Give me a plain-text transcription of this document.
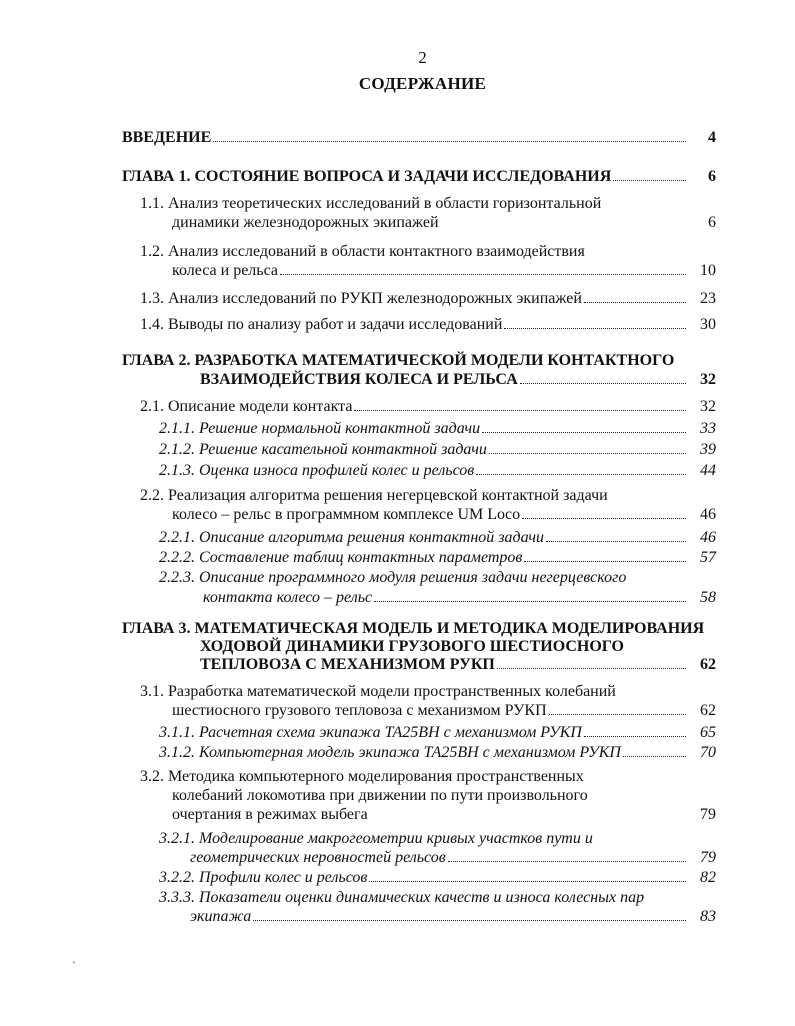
2
СОДЕРЖАНИЕ
ВВЕДЕНИЕ	4
ГЛАВА 1. СОСТОЯНИЕ ВОПРОСА И ЗАДАЧИ ИССЛЕДОВАНИЯ	6
1.1. Анализ теоретических исследований в области горизонтальной
динамики железнодорожных экипажей	6
1.2. Анализ исследований в области контактного взаимодействия
колеса и рельса	10
1.3. Анализ исследований по РУКП железнодорожных экипажей	23
1.4. Выводы по анализу работ и задачи исследований	30
ГЛАВА 2. РАЗРАБОТКА МАТЕМАТИЧЕСКОЙ МОДЕЛИ КОНТАКТНОГО
ВЗАИМОДЕЙСТВИЯ КОЛЕСА И РЕЛЬСА	32
2.1. Описание модели контакта	32
2.1.1. Решение нормальной контактной задачи	33
2.1.2. Решение касательной контактной задачи	39
2.1.3. Оценка износа профилей колес и рельсов	44
2.2. Реализация алгоритма решения негерцевской контактной задачи
колесо – рельс в программном комплексе UM Loco	46
2.2.1. Описание алгоритма решения контактной задачи	46
2.2.2. Составление таблиц контактных параметров	57
2.2.3. Описание программного модуля решения задачи негерцевского
контакта колесо – рельс	58
ГЛАВА 3. МАТЕМАТИЧЕСКАЯ МОДЕЛЬ И МЕТОДИКА МОДЕЛИРОВАНИЯ
ХОДОВОЙ ДИНАМИКИ ГРУЗОВОГО ШЕСТИОСНОГО
ТЕПЛОВОЗА С МЕХАНИЗМОМ РУКП	62
3.1. Разработка математической модели пространственных колебаний
шестиосного грузового тепловоза с механизмом РУКП	62
3.1.1. Расчетная схема экипажа ТА25ВН с механизмом РУКП	65
3.1.2. Компьютерная модель экипажа ТА25ВН с механизмом РУКП	70
3.2. Методика компьютерного моделирования пространственных
колебаний локомотива при движении по пути произвольного
очертания в режимах выбега	79
3.2.1. Моделирование макрогеометрии кривых участков пути и
геометрических неровностей рельсов	79
3.2.2. Профили колес и рельсов	82
3.3.3. Показатели оценки динамических качеств и износа колесных пар
экипажа	83
ˎ
